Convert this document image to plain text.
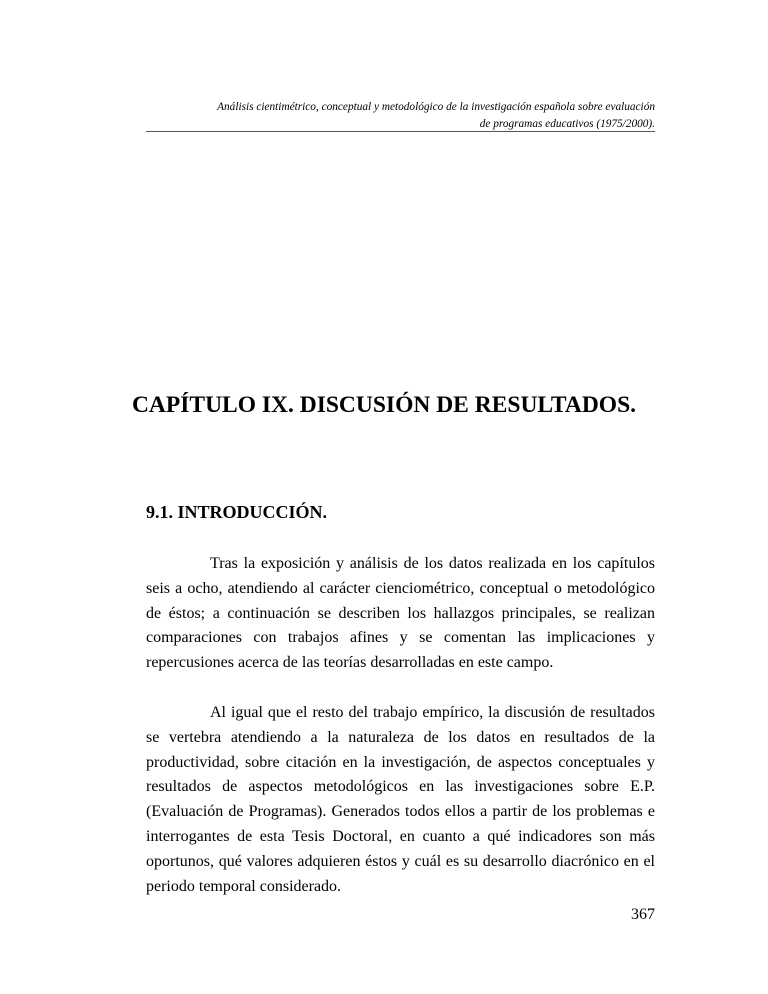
Análisis cientimétrico, conceptual y metodológico de la investigación española sobre evaluación
de programas educativos (1975/2000).
CAPÍTULO IX. DISCUSIÓN DE RESULTADOS.
9.1. INTRODUCCIÓN.

Tras la exposición y análisis de los datos realizada en los capítulos seis a ocho, atendiendo al carácter cienciométrico, conceptual o metodológico de éstos; a continuación se describen los hallazgos principales, se realizan comparaciones con trabajos afines y se comentan las implicaciones y repercusiones acerca de las teorías desarrolladas en este campo.

Al igual que el resto del trabajo empírico, la discusión de resultados se vertebra atendiendo a la naturaleza de los datos en resultados de la productividad, sobre citación en la investigación, de aspectos conceptuales y resultados de aspectos metodológicos en las investigaciones sobre E.P. (Evaluación de Programas). Generados todos ellos a partir de los problemas e interrogantes de esta Tesis Doctoral, en cuanto a qué indicadores son más oportunos, qué valores adquieren éstos y cuál es su desarrollo diacrónico en el periodo temporal considerado.

367
